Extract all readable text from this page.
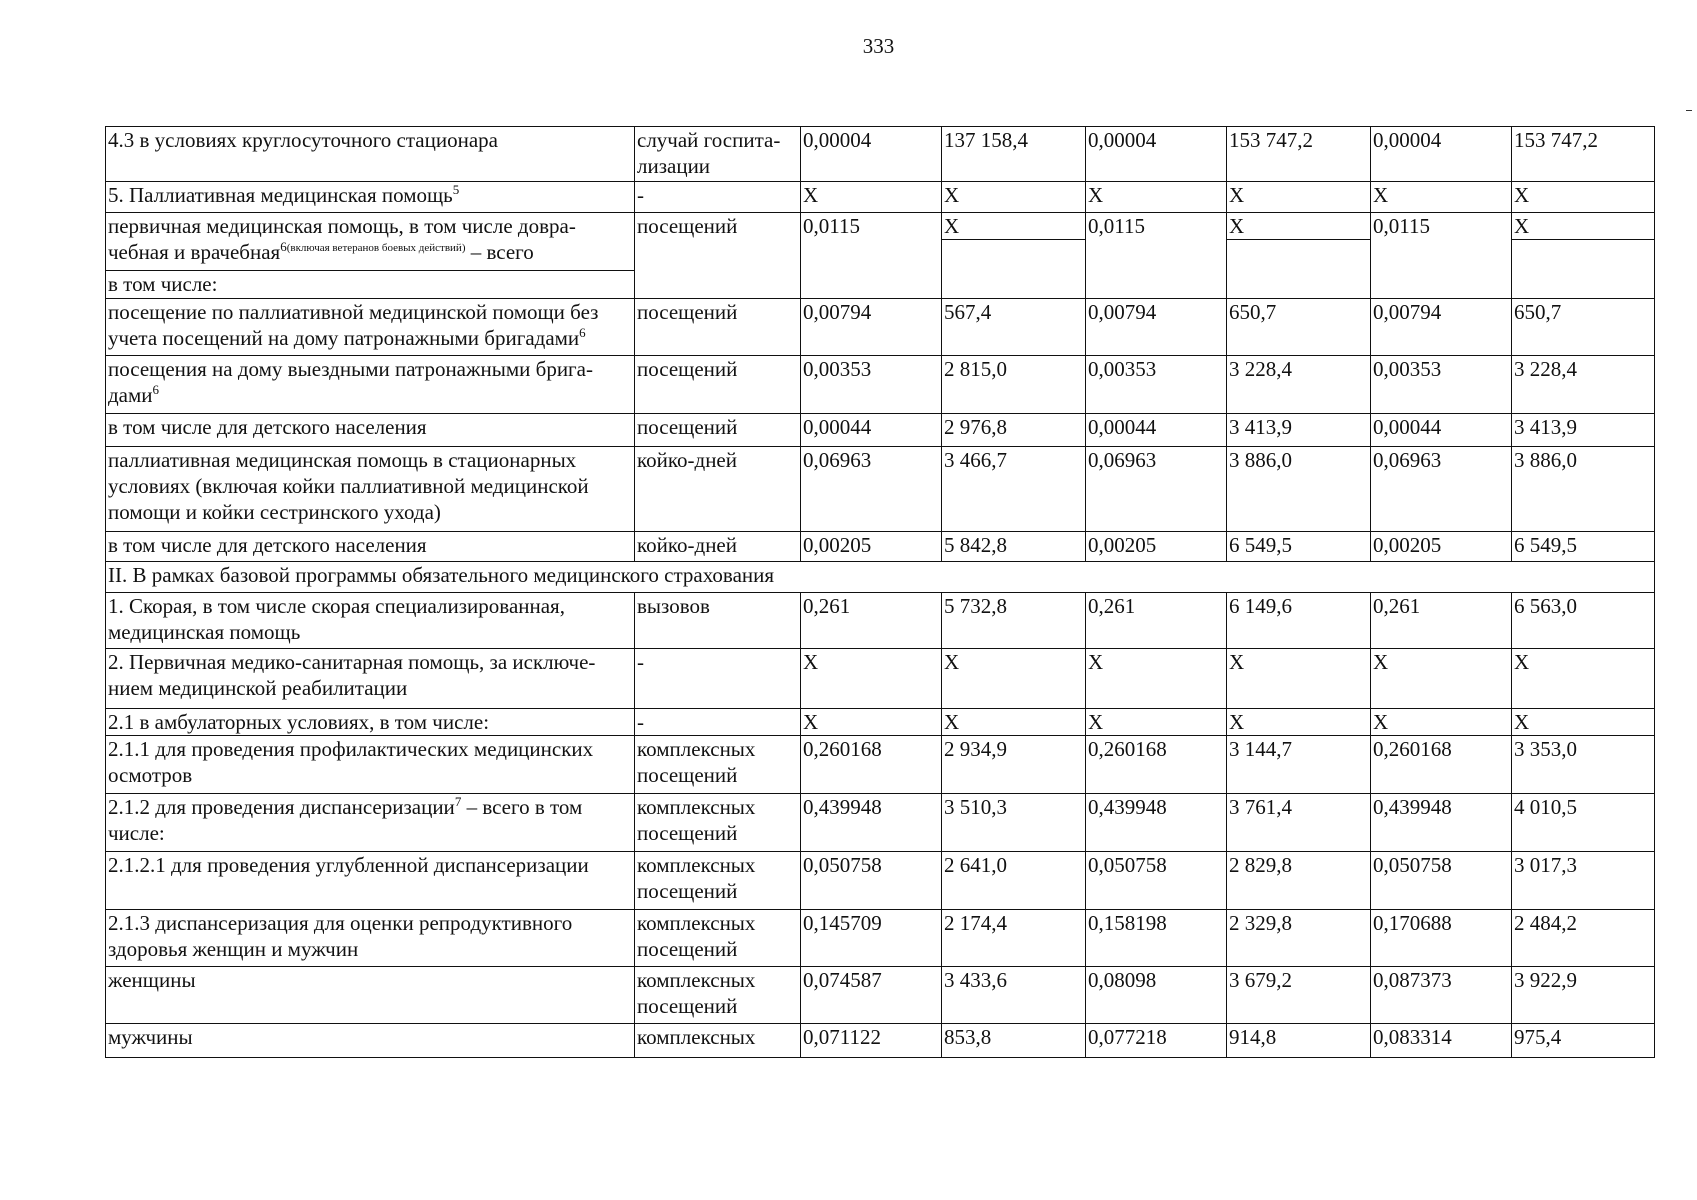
333
4.3 в условиях круглосуточного стационара	случай госпита-лизации	0,00004	137 158,4	0,00004	153 747,2	0,00004	153 747,2
5. Паллиативная медицинская помощь$^5$	-	X	X	X	X	X	X
первичная медицинская помощь, в том числе довра-чебная и врачебная$^{6(включая ветеранов боевых действий)}$ – всего	посещений	0,0115	X	0,0115	X	0,0115	X

в том числе:							
посещение по паллиативной медицинской помощи без учета посещений на дому патронажными бригадами$^6$	посещений	0,00794	567,4	0,00794	650,7	0,00794	650,7
посещения на дому выездными патронажными брига-дами$^6$	посещений	0,00353	2 815,0	0,00353	3 228,4	0,00353	3 228,4
в том числе для детского населения	посещений	0,00044	2 976,8	0,00044	3 413,9	0,00044	3 413,9
паллиативная медицинская помощь в стационарных условиях (включая койки паллиативной медицинской помощи и койки сестринского ухода)	койко-дней	0,06963	3 466,7	0,06963	3 886,0	0,06963	3 886,0
в том числе для детского населения	койко-дней	0,00205	5 842,8	0,00205	6 549,5	0,00205	6 549,5
II. В рамках базовой программы обязательного медицинского страхования							
1. Скорая, в том числе скорая специализированная, медицинская помощь	вызовов	0,261	5 732,8	0,261	6 149,6	0,261	6 563,0
2. Первичная медико-санитарная помощь, за исключе-нием медицинской реабилитации	-	X	X	X	X	X	X
2.1 в амбулаторных условиях, в том числе:	-	X	X	X	X	X	X
2.1.1 для проведения профилактических медицинских осмотров	комплексных посещений	0,260168	2 934,9	0,260168	3 144,7	0,260168	3 353,0
2.1.2 для проведения диспансеризации$^7$ – всего в том числе:	комплексных посещений	0,439948	3 510,3	0,439948	3 761,4	0,439948	4 010,5
2.1.2.1 для проведения углубленной диспансеризации	комплексных посещений	0,050758	2 641,0	0,050758	2 829,8	0,050758	3 017,3
2.1.3 диспансеризация для оценки репродуктивного здоровья женщин и мужчин	комплексных посещений	0,145709	2 174,4	0,158198	2 329,8	0,170688	2 484,2
женщины	комплексных посещений	0,074587	3 433,6	0,08098	3 679,2	0,087373	3 922,9
мужчины	комплексных	0,071122	853,8	0,077218	914,8	0,083314	975,4
